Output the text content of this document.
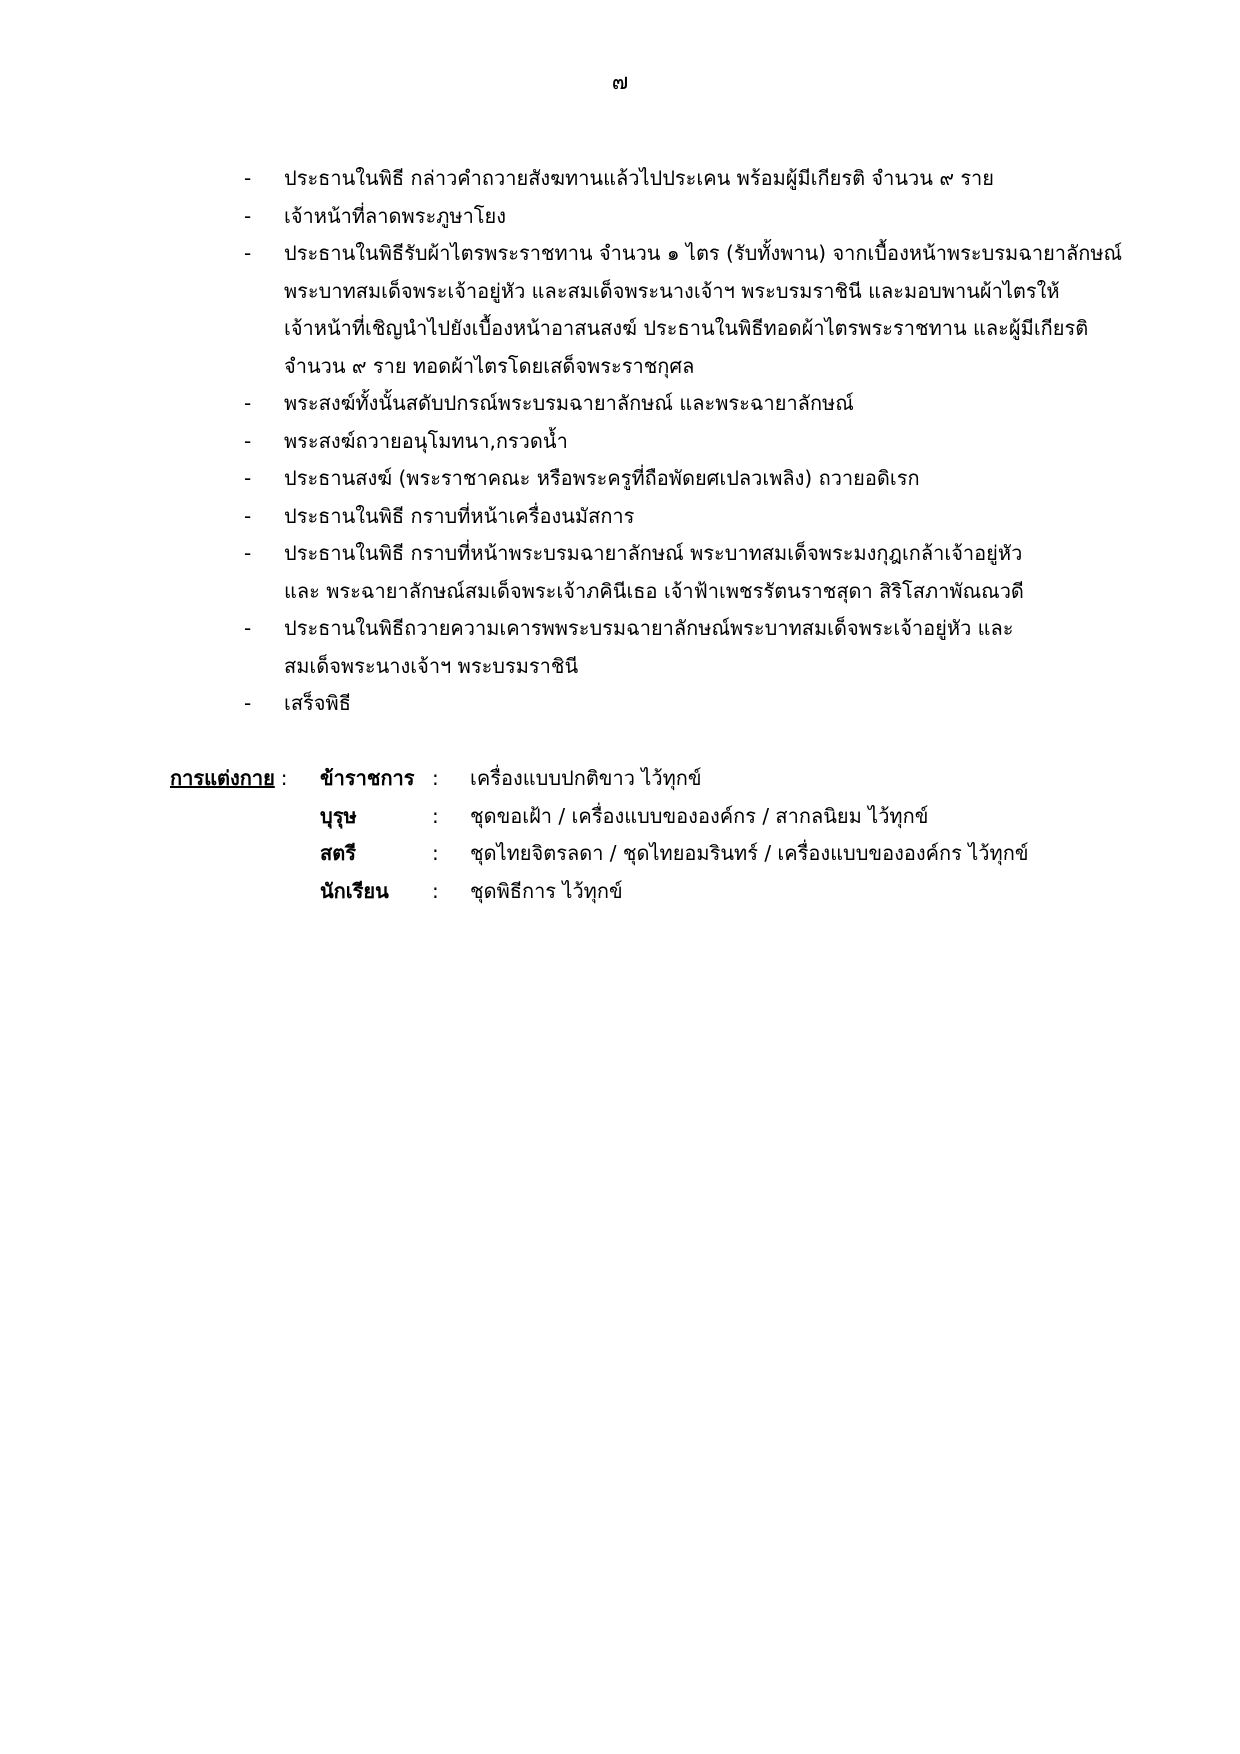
๗
-	ประธานในพิธี กล่าวคำถวายสังฆทานแล้วไปประเคน พร้อมผู้มีเกียรติ จำนวน ๙ ราย
-	เจ้าหน้าที่ลาดพระภูษาโยง
-	ประธานในพิธีรับผ้าไตรพระราชทาน จำนวน ๑ ไตร (รับทั้งพาน) จากเบื้องหน้าพระบรมฉายาลักษณ์
พระบาทสมเด็จพระเจ้าอยู่หัว และสมเด็จพระนางเจ้าฯ พระบรมราชินี และมอบพานผ้าไตรให้
เจ้าหน้าที่เชิญนำไปยังเบื้องหน้าอาสนสงฆ์ ประธานในพิธีทอดผ้าไตรพระราชทาน และผู้มีเกียรติ
จำนวน ๙ ราย ทอดผ้าไตรโดยเสด็จพระราชกุศล
-	พระสงฆ์ทั้งนั้นสดับปกรณ์พระบรมฉายาลักษณ์ และพระฉายาลักษณ์
-	พระสงฆ์ถวายอนุโมทนา,กรวดน้ำ
-	ประธานสงฆ์ (พระราชาคณะ หรือพระครูที่ถือพัดยศเปลวเพลิง) ถวายอดิเรก
-	ประธานในพิธี กราบที่หน้าเครื่องนมัสการ
-	ประธานในพิธี กราบที่หน้าพระบรมฉายาลักษณ์ พระบาทสมเด็จพระมงกุฎเกล้าเจ้าอยู่หัว
และ พระฉายาลักษณ์สมเด็จพระเจ้าภคินีเธอ เจ้าฟ้าเพชรรัตนราชสุดา สิริโสภาพัณณวดี
-	ประธานในพิธีถวายความเคารพพระบรมฉายาลักษณ์พระบาทสมเด็จพระเจ้าอยู่หัว และ
สมเด็จพระนางเจ้าฯ พระบรมราชินี
-	เสร็จพิธี
การแต่งกาย :	ข้าราชการ :	เครื่องแบบปกติขาว ไว้ทุกข์
บุรุษ	:	ชุดขอเฝ้า / เครื่องแบบขององค์กร / สากลนิยม ไว้ทุกข์
สตรี	:	ชุดไทยจิตรลดา / ชุดไทยอมรินทร์ / เครื่องแบบขององค์กร ไว้ทุกข์
นักเรียน	:	ชุดพิธีการ ไว้ทุกข์
